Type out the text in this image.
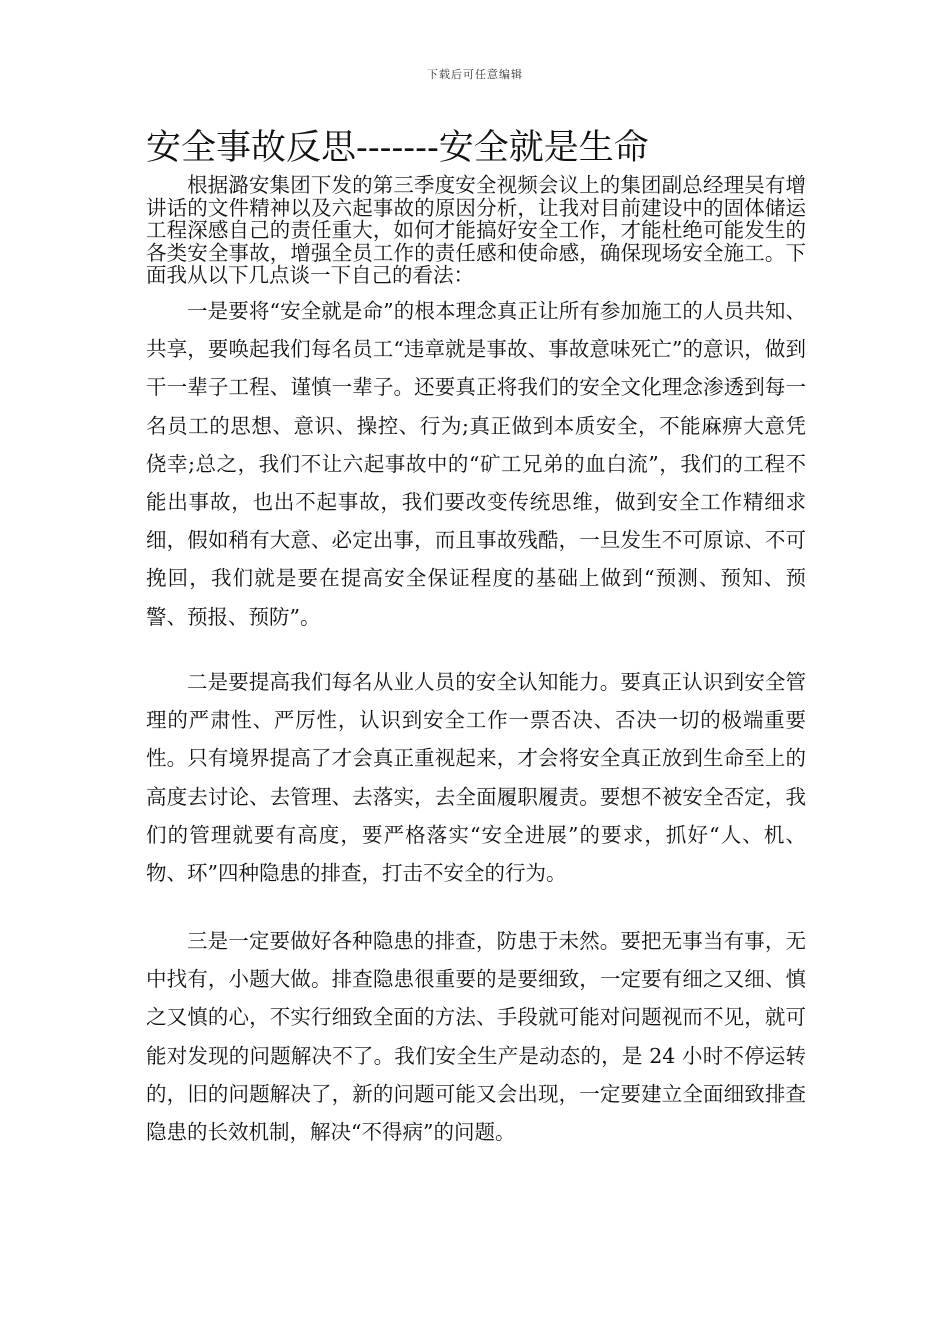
下载后可任意编辑
安全事故反思-------安全就是生命

根据潞安集团下发的第三季度安全视频会议上的集团副总经理吴有增讲话的文件精神以及六起事故的原因分析，让我对目前建设中的固体储运工程深感自己的责任重大，如何才能搞好安全工作，才能杜绝可能发生的各类安全事故，增强全员工作的责任感和使命感，确保现场安全施工。下面我从以下几点谈一下自己的看法：

一是要将“安全就是命”的根本理念真正让所有参加施工的人员共知、共享，要唤起我们每名员工“违章就是事故、事故意味死亡”的意识，做到干一辈子工程、谨慎一辈子。还要真正将我们的安全文化理念渗透到每一名员工的思想、意识、操控、行为;真正做到本质安全，不能麻痹大意凭侥幸;总之，我们不让六起事故中的“矿工兄弟的血白流”，我们的工程不能出事故，也出不起事故，我们要改变传统思维，做到安全工作精细求细，假如稍有大意、必定出事，而且事故残酷，一旦发生不可原谅、不可挽回，我们就是要在提高安全保证程度的基础上做到“预测、预知、预警、预报、预防”。

二是要提高我们每名从业人员的安全认知能力。要真正认识到安全管理的严肃性、严厉性，认识到安全工作一票否决、否决一切的极端重要性。只有境界提高了才会真正重视起来，才会将安全真正放到生命至上的高度去讨论、去管理、去落实，去全面履职履责。要想不被安全否定，我们的管理就要有高度，要严格落实“安全进展”的要求，抓好“人、机、物、环”四种隐患的排查，打击不安全的行为。

三是一定要做好各种隐患的排查，防患于未然。要把无事当有事，无中找有，小题大做。排查隐患很重要的是要细致，一定要有细之又细、慎之又慎的心，不实行细致全面的方法、手段就可能对问题视而不见，就可能对发现的问题解决不了。我们安全生产是动态的，是 24 小时不停运转的，旧的问题解决了，新的问题可能又会出现，一定要建立全面细致排查隐患的长效机制，解决“不得病”的问题。
